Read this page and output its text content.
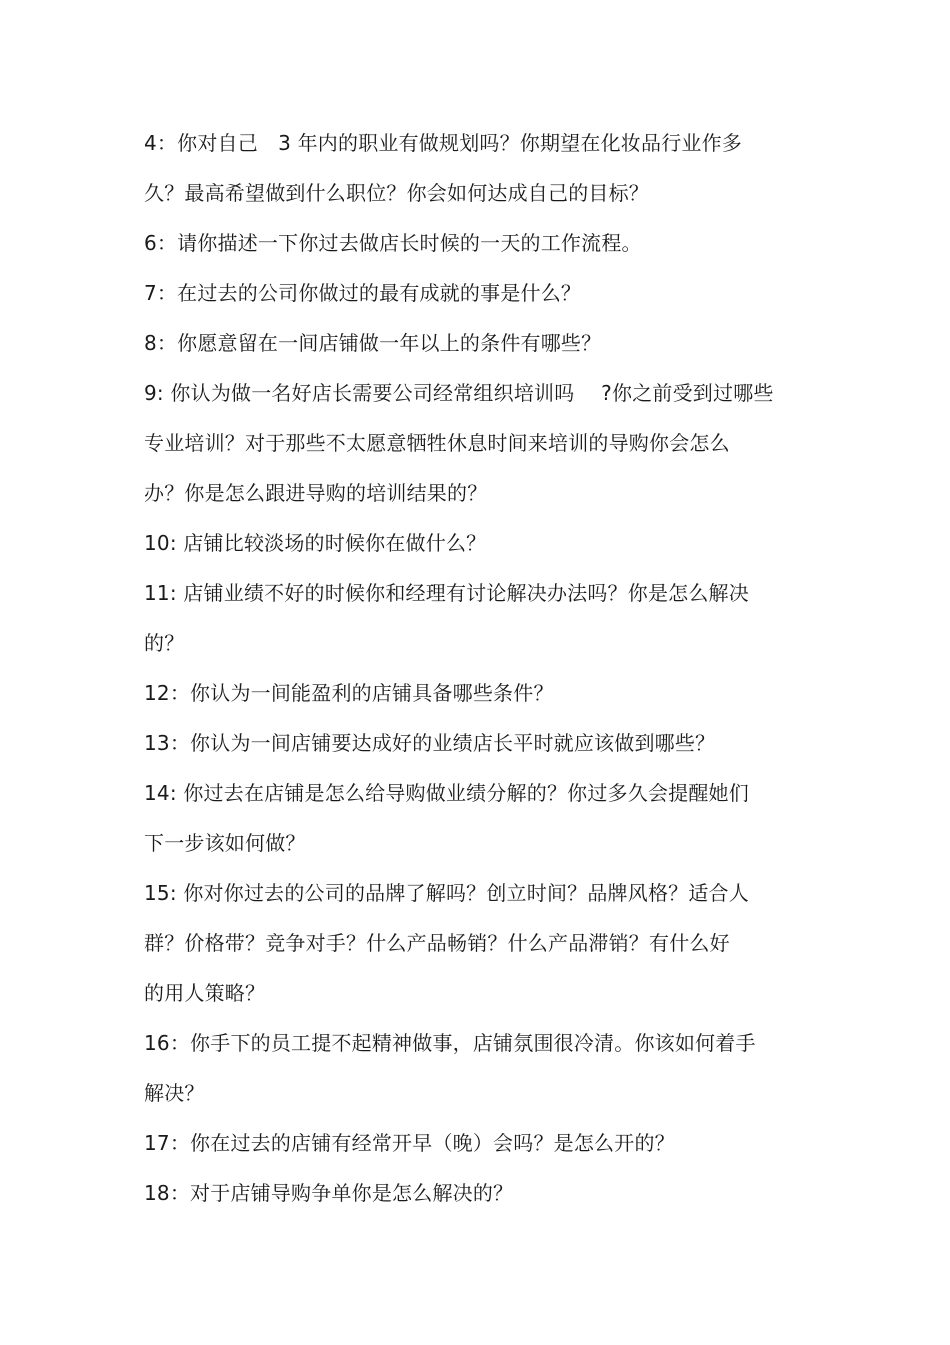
4：你对自己　3 年内的职业有做规划吗？你期望在化妆品行业作多
久？最高希望做到什么职位？你会如何达成自己的目标？
6：请你描述一下你过去做店长时候的一天的工作流程。
7：在过去的公司你做过的最有成就的事是什么？
8：你愿意留在一间店铺做一年以上的条件有哪些？
9: 你认为做一名好店长需要公司经常组织培训吗　 ?你之前受到过哪些
专业培训？对于那些不太愿意牺牲休息时间来培训的导购你会怎么
办？你是怎么跟进导购的培训结果的？
10: 店铺比较淡场的时候你在做什么？
11: 店铺业绩不好的时候你和经理有讨论解决办法吗？你是怎么解决
的？
12：你认为一间能盈利的店铺具备哪些条件？
13：你认为一间店铺要达成好的业绩店长平时就应该做到哪些？
14: 你过去在店铺是怎么给导购做业绩分解的？你过多久会提醒她们
下一步该如何做？
15: 你对你过去的公司的品牌了解吗？创立时间？品牌风格？适合人
群？价格带？竞争对手？什么产品畅销？什么产品滞销？有什么好
的用人策略？
16：你手下的员工提不起精神做事，店铺氛围很冷清。你该如何着手
解决？
17：你在过去的店铺有经常开早（晚）会吗？是怎么开的？
18：对于店铺导购争单你是怎么解决的？
